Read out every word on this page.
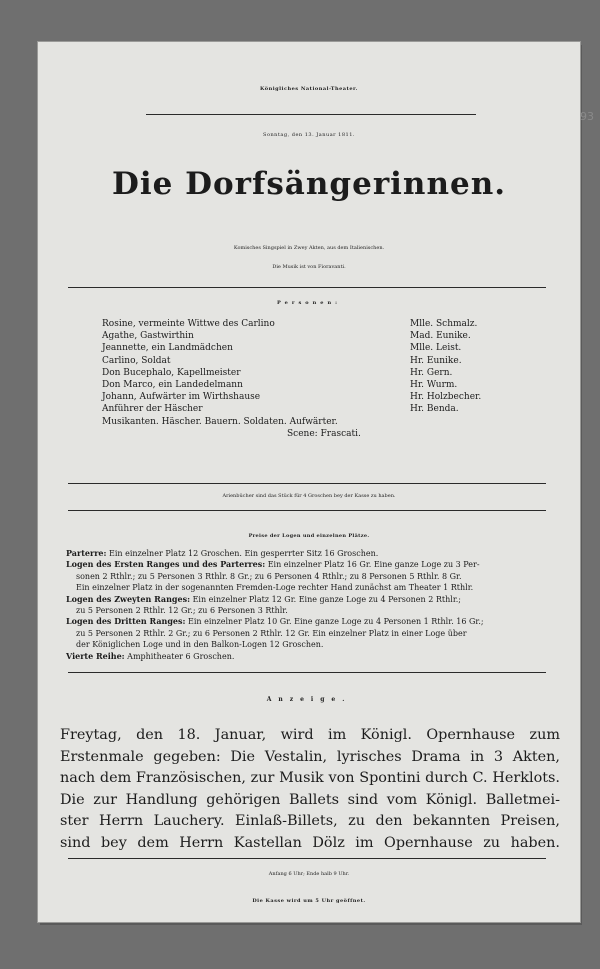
93
Königliches National-Theater.
Sonntag, den 13. Januar 1811.
Die Dorfsängerinnen.
Komisches Singspiel in Zwey Akten, aus dem Italienischen.
Die Musik ist von Fioravanti.
Personen:
Rosine, vermeinte Wittwe des Carlino	Mlle. Schmalz.
Agathe, Gastwirthin	Mad. Eunike.
Jeannette, ein Landmädchen	Mlle. Leist.
Carlino, Soldat	Hr. Eunike.
Don Bucephalo, Kapellmeister	Hr. Gern.
Don Marco, ein Landedelmann	Hr. Wurm.
Johann, Aufwärter im Wirthshause	Hr. Holzbecher.
Anführer der Häscher	Hr. Benda.
Musikanten. Häscher. Bauern. Soldaten. Aufwärter.
Scene: Frascati.
Arienbücher sind das Stück für 4 Groschen bey der Kasse zu haben.
Preise der Logen und einzelnen Plätze.
Parterre: Ein einzelner Platz 12 Groschen. Ein gesperrter Sitz 16 Groschen.
Logen des Ersten Ranges und des Parterres: Ein einzelner Platz 16 Gr. Eine ganze Loge zu 3 Per-
sonen 2 Rthlr.; zu 5 Personen 3 Rthlr. 8 Gr.; zu 6 Personen 4 Rthlr.; zu 8 Personen 5 Rthlr. 8 Gr.
Ein einzelner Platz in der sogenannten Fremden-Loge rechter Hand zunächst am Theater 1 Rthlr.
Logen des Zweyten Ranges: Ein einzelner Platz 12 Gr. Eine ganze Loge zu 4 Personen 2 Rthlr.;
zu 5 Personen 2 Rthlr. 12 Gr.; zu 6 Personen 3 Rthlr.
Logen des Dritten Ranges: Ein einzelner Platz 10 Gr. Eine ganze Loge zu 4 Personen 1 Rthlr. 16 Gr.;
zu 5 Personen 2 Rthlr. 2 Gr.; zu 6 Personen 2 Rthlr. 12 Gr. Ein einzelner Platz in einer Loge über
der Königlichen Loge und in den Balkon-Logen 12 Groschen.
Vierte Reihe: Amphitheater 6 Groschen.
Anzeige.
Freytag, den 18. Januar, wird im Königl. Opernhause zum
Erstenmale gegeben: Die Vestalin, lyrisches Drama in 3 Akten,
nach dem Französischen, zur Musik von Spontini durch C. Herklots.
Die zur Handlung gehörigen Ballets sind vom Königl. Balletmei-
ster Herrn Lauchery. Einlaß-Billets, zu den bekannten Preisen,
sind bey dem Herrn Kastellan Dölz im Opernhause zu haben.
Anfang 6 Uhr; Ende halb 9 Uhr.
Die Kasse wird um 5 Uhr geöffnet.
